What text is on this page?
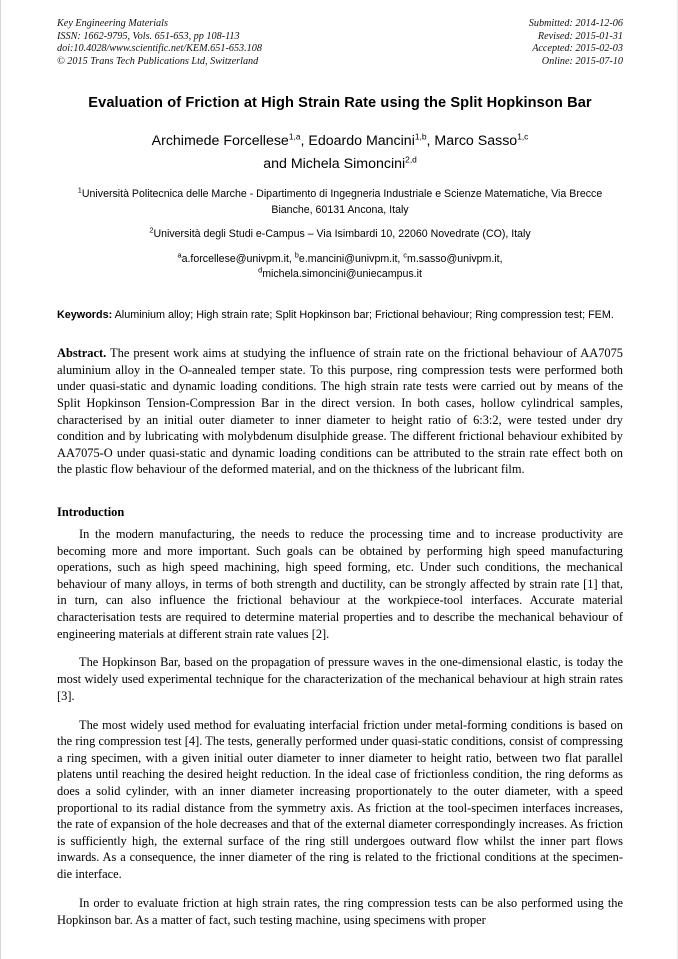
Key Engineering Materials
ISSN: 1662-9795, Vols. 651-653, pp 108-113
doi:10.4028/www.scientific.net/KEM.651-653.108
© 2015 Trans Tech Publications Ltd, Switzerland
Submitted: 2014-12-06
Revised: 2015-01-31
Accepted: 2015-02-03
Online: 2015-07-10
Evaluation of Friction at High Strain Rate using the Split Hopkinson Bar
Archimede Forcellese$^{1,a}$, Edoardo Mancini$^{1,b}$, Marco Sasso$^{1,c}$
and Michela Simoncini$^{2,d}$
$^1$Università Politecnica delle Marche - Dipartimento di Ingegneria Industriale e Scienze Matematiche, Via Brecce Bianche, 60131 Ancona, Italy
$^2$Università degli Studi e-Campus – Via Isimbardi 10, 22060 Novedrate (CO), Italy
$^a$a.forcellese@univpm.it, $^b$e.mancini@univpm.it, $^c$m.sasso@univpm.it,
$^d$michela.simoncini@uniecampus.it
Keywords: Aluminium alloy; High strain rate; Split Hopkinson bar; Frictional behaviour; Ring compression test; FEM.
Abstract. The present work aims at studying the influence of strain rate on the frictional behaviour of AA7075 aluminium alloy in the O-annealed temper state. To this purpose, ring compression tests were performed both under quasi-static and dynamic loading conditions. The high strain rate tests were carried out by means of the Split Hopkinson Tension-Compression Bar in the direct version. In both cases, hollow cylindrical samples, characterised by an initial outer diameter to inner diameter to height ratio of 6:3:2, were tested under dry condition and by lubricating with molybdenum disulphide grease. The different frictional behaviour exhibited by AA7075-O under quasi-static and dynamic loading conditions can be attributed to the strain rate effect both on the plastic flow behaviour of the deformed material, and on the thickness of the lubricant film.
Introduction

In the modern manufacturing, the needs to reduce the processing time and to increase productivity are becoming more and more important. Such goals can be obtained by performing high speed manufacturing operations, such as high speed machining, high speed forming, etc. Under such conditions, the mechanical behaviour of many alloys, in terms of both strength and ductility, can be strongly affected by strain rate [1] that, in turn, can also influence the frictional behaviour at the workpiece-tool interfaces. Accurate material characterisation tests are required to determine material properties and to describe the mechanical behaviour of engineering materials at different strain rate values [2].

The Hopkinson Bar, based on the propagation of pressure waves in the one-dimensional elastic, is today the most widely used experimental technique for the characterization of the mechanical behaviour at high strain rates [3].

The most widely used method for evaluating interfacial friction under metal-forming conditions is based on the ring compression test [4]. The tests, generally performed under quasi-static conditions, consist of compressing a ring specimen, with a given initial outer diameter to inner diameter to height ratio, between two flat parallel platens until reaching the desired height reduction. In the ideal case of frictionless condition, the ring deforms as does a solid cylinder, with an inner diameter increasing proportionately to the outer diameter, with a speed proportional to its radial distance from the symmetry axis. As friction at the tool-specimen interfaces increases, the rate of expansion of the hole decreases and that of the external diameter correspondingly increases. As friction is sufficiently high, the external surface of the ring still undergoes outward flow whilst the inner part flows inwards. As a consequence, the inner diameter of the ring is related to the frictional conditions at the specimen-die interface.

In order to evaluate friction at high strain rates, the ring compression tests can be also performed using the Hopkinson bar. As a matter of fact, such testing machine, using specimens with proper
